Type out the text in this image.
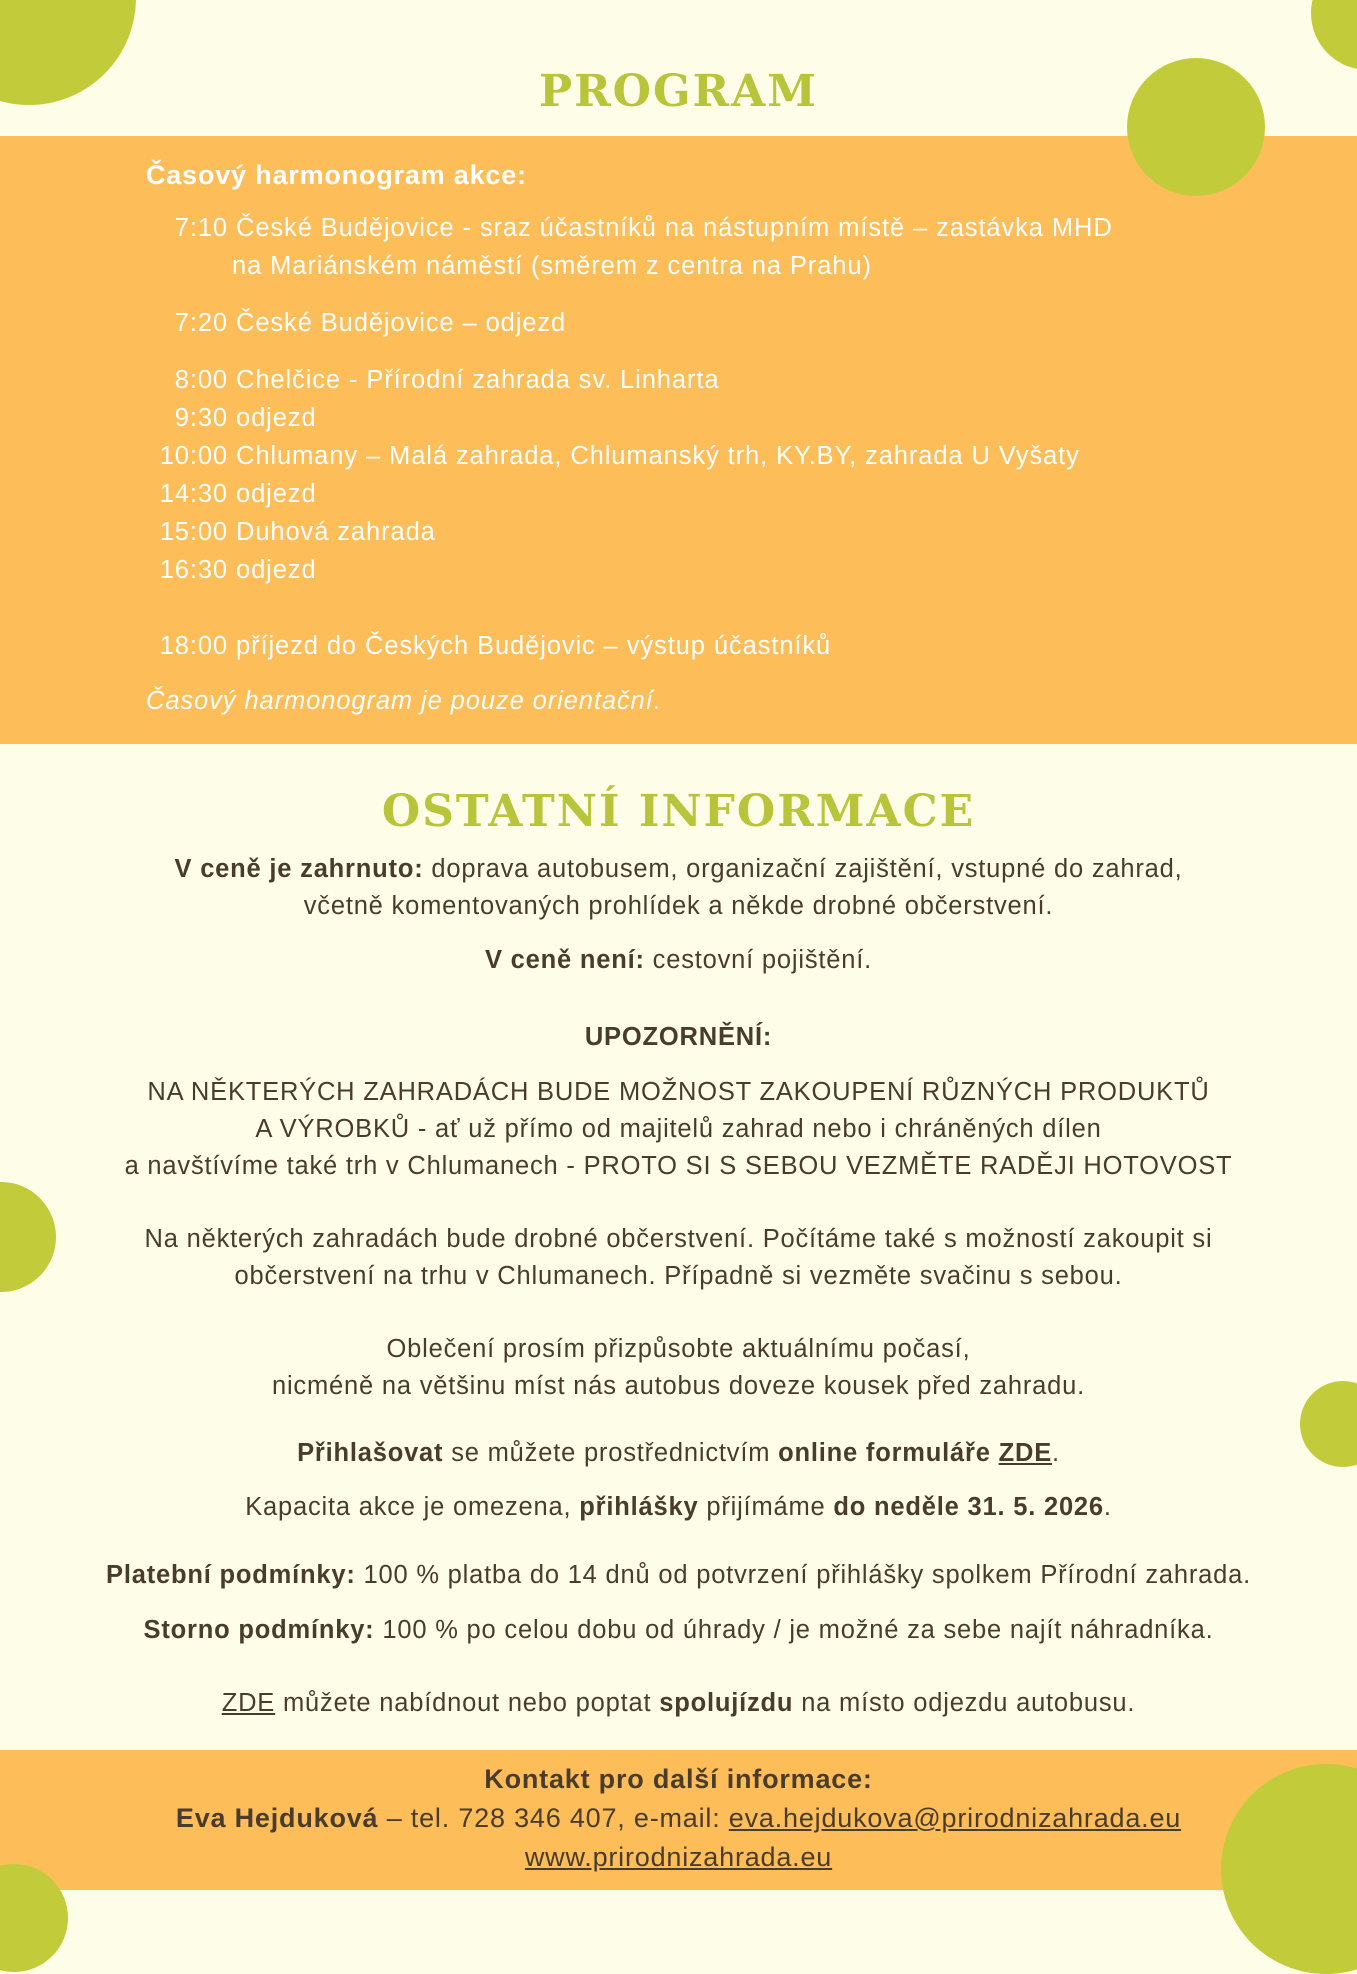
PROGRAM
Časový harmonogram akce:
7:10 České Budějovice - sraz účastníků na nástupním místě – zastávka MHD
na Mariánském náměstí (směrem z centra na Prahu)
7:20 České Budějovice – odjezd
8:00 Chelčice - Přírodní zahrada sv. Linharta
9:30 odjezd
10:00 Chlumany – Malá zahrada, Chlumanský trh, KY.BY, zahrada U Vyšaty
14:30 odjezd
15:00 Duhová zahrada
16:30 odjezd
18:00 příjezd do Českých Budějovic – výstup účastníků
Časový harmonogram je pouze orientační.
OSTATNÍ INFORMACE
V ceně je zahrnuto: doprava autobusem, organizační zajištění, vstupné do zahrad,
včetně komentovaných prohlídek a někde drobné občerstvení.
V ceně není: cestovní pojištění.
UPOZORNĚNÍ:
NA NĚKTERÝCH ZAHRADÁCH BUDE MOŽNOST ZAKOUPENÍ RŮZNÝCH PRODUKTŮ
A VÝROBKŮ - ať už přímo od majitelů zahrad nebo i chráněných dílen
a navštívíme také trh v Chlumanech - PROTO SI S SEBOU VEZMĚTE RADĚJI HOTOVOST
Na některých zahradách bude drobné občerstvení. Počítáme také s možností zakoupit si
občerstvení na trhu v Chlumanech. Případně si vezměte svačinu s sebou.
Oblečení prosím přizpůsobte aktuálnímu počasí,
nicméně na většinu míst nás autobus doveze kousek před zahradu.
Přihlašovat se můžete prostřednictvím online formuláře ZDE.
Kapacita akce je omezena, přihlášky přijímáme do neděle 31. 5. 2026.
Platební podmínky: 100 % platba do 14 dnů od potvrzení přihlášky spolkem Přírodní zahrada.
Storno podmínky: 100 % po celou dobu od úhrady / je možné za sebe najít náhradníka.
ZDE můžete nabídnout nebo poptat spolujízdu na místo odjezdu autobusu.
Kontakt pro další informace:
Eva Hejduková – tel. 728 346 407, e-mail: eva.hejdukova@prirodnizahrada.eu
www.prirodnizahrada.eu
